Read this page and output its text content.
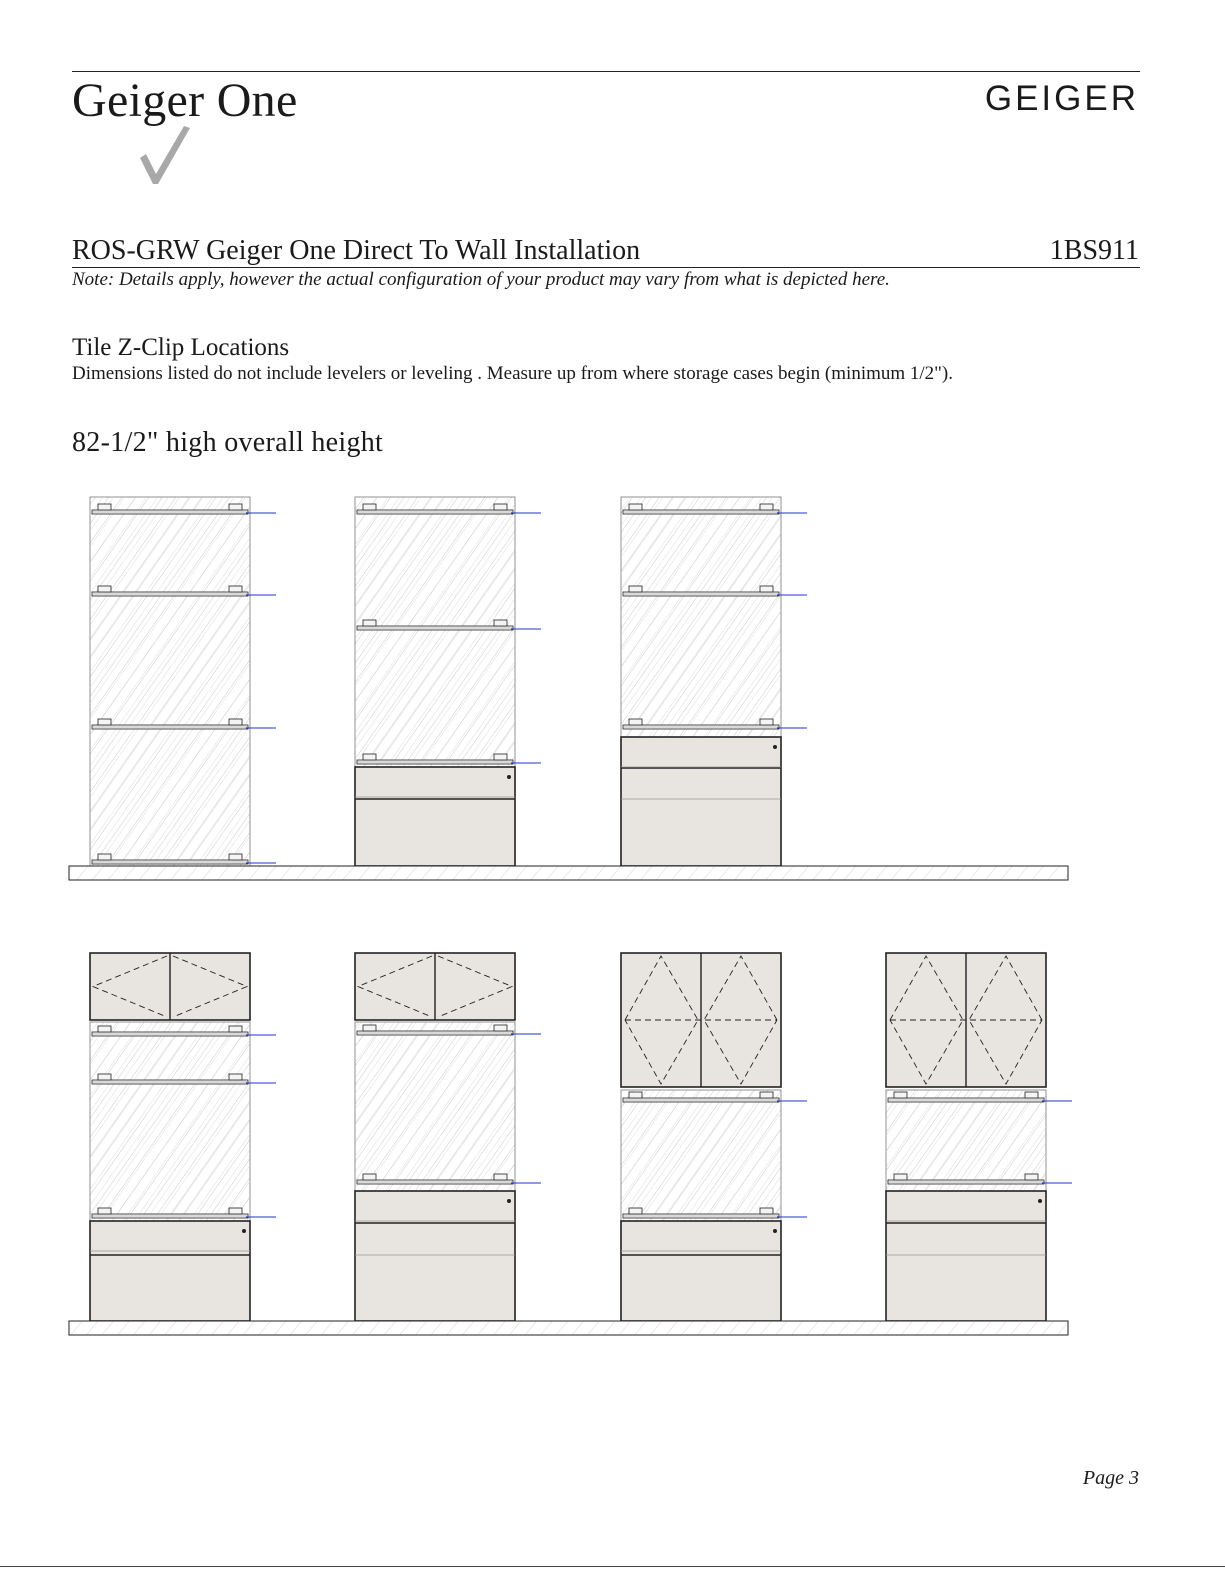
Geiger One	GEIGER
ROS-GRW Geiger One Direct To Wall Installation	1BS911
Note: Details apply, however the actual configuration of your product may vary from what is depicted here.
Tile Z-Clip Locations
Dimensions listed do not include levelers or leveling . Measure up from where storage cases begin (minimum 1/2").
82-1/2" high overall height
Page 3
